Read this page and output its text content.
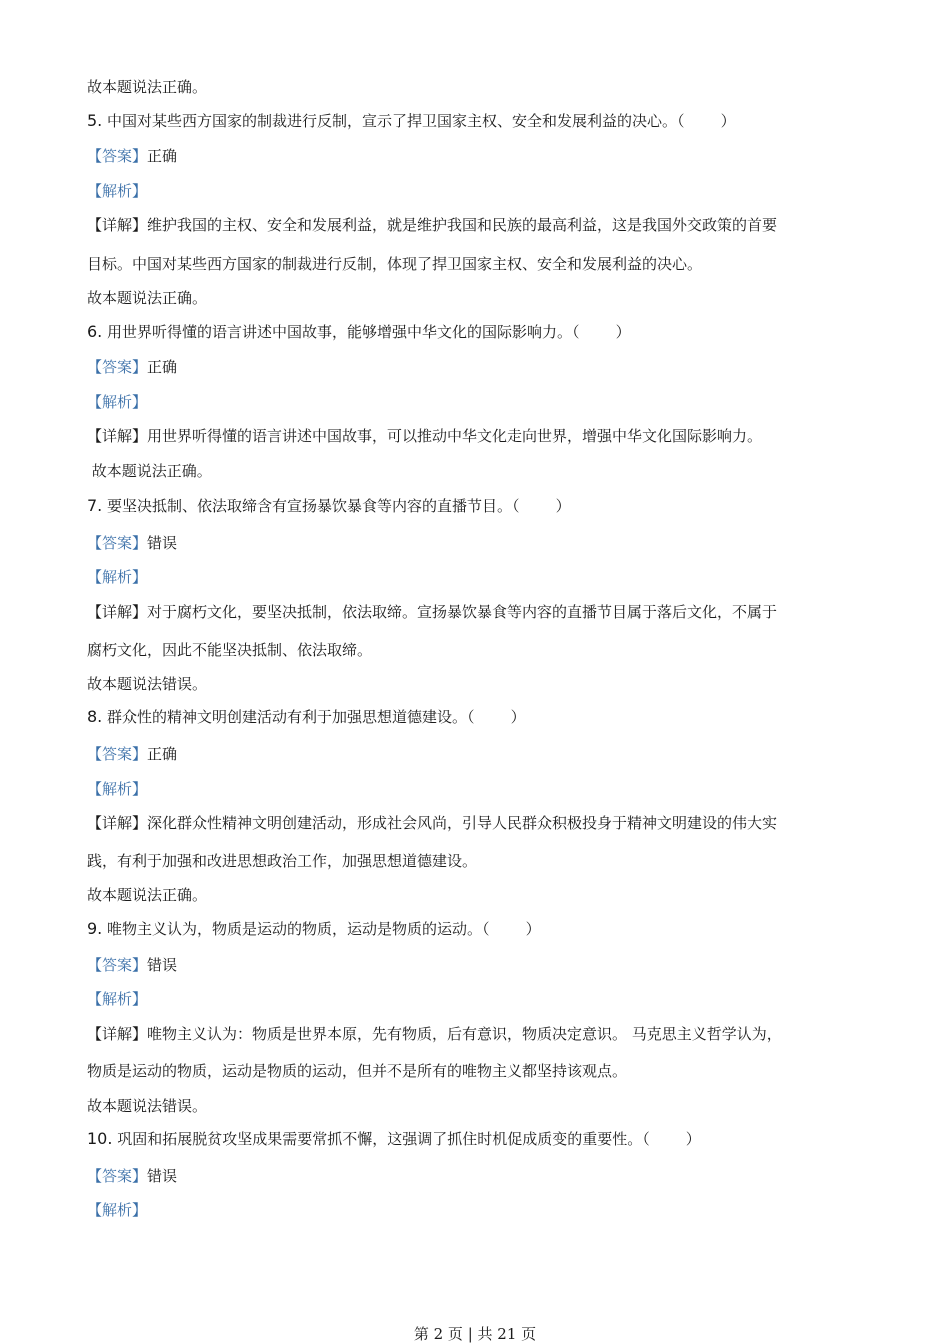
故本题说法正确。
5. 中国对某些西方国家的制裁进行反制，宣示了捍卫国家主权、安全和发展利益的决心。（ ）
【答案】正确
【解析】
【详解】维护我国的主权、安全和发展利益，就是维护我国和民族的最高利益，这是我国外交政策的首要
目标。中国对某些西方国家的制裁进行反制，体现了捍卫国家主权、安全和发展利益的决心。
故本题说法正确。
6. 用世界听得懂的语言讲述中国故事，能够增强中华文化的国际影响力。（ ）
【答案】正确
【解析】
【详解】用世界听得懂的语言讲述中国故事，可以推动中华文化走向世界，增强中华文化国际影响力。
故本题说法正确。
7. 要坚决抵制、依法取缔含有宣扬暴饮暴食等内容的直播节目。（ ）
【答案】错误
【解析】
【详解】对于腐朽文化，要坚决抵制，依法取缔。宣扬暴饮暴食等内容的直播节目属于落后文化，不属于
腐朽文化，因此不能坚决抵制、依法取缔。
故本题说法错误。
8. 群众性的精神文明创建活动有利于加强思想道德建设。（ ）
【答案】正确
【解析】
【详解】深化群众性精神文明创建活动，形成社会风尚，引导人民群众积极投身于精神文明建设的伟大实
践，有利于加强和改进思想政治工作，加强思想道德建设。
故本题说法正确。
9. 唯物主义认为，物质是运动的物质，运动是物质的运动。（ ）
【答案】错误
【解析】
【详解】唯物主义认为：物质是世界本原，先有物质，后有意识，物质决定意识。 马克思主义哲学认为，
物质是运动的物质，运动是物质的运动，但并不是所有的唯物主义都坚持该观点。
故本题说法错误。
10. 巩固和拓展脱贫攻坚成果需要常抓不懈，这强调了抓住时机促成质变的重要性。（ ）
【答案】错误
【解析】
第 2 页 | 共 21 页
